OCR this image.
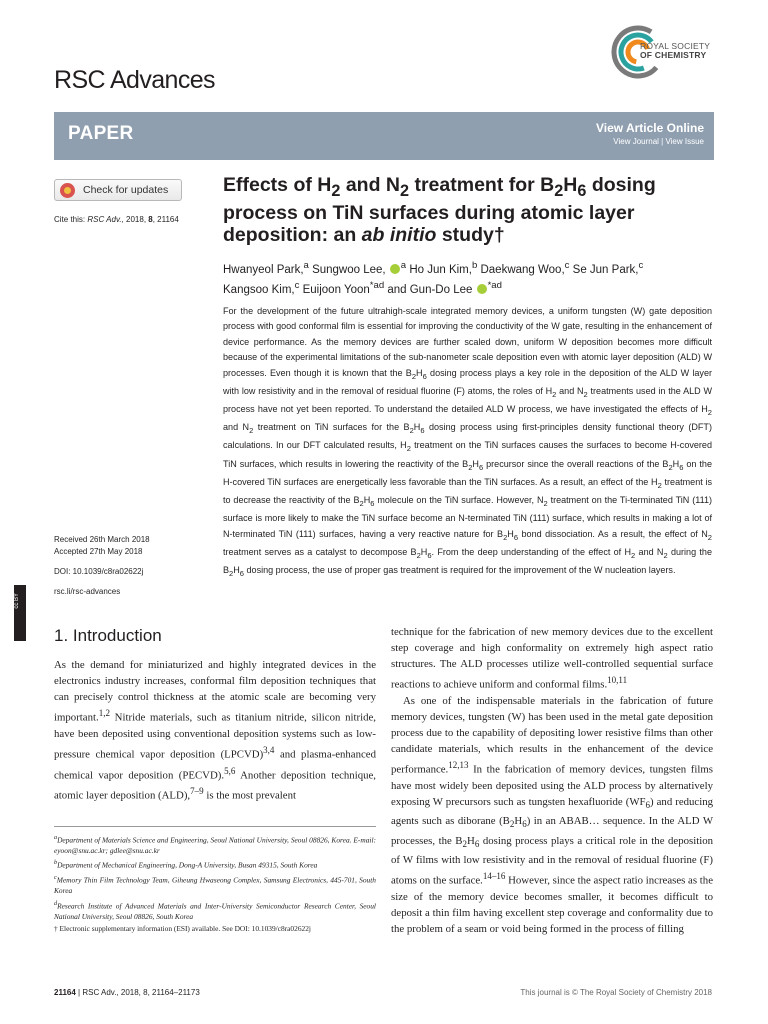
RSC Advances
ROYAL SOCIETY
OF CHEMISTRY
PAPER	View Article Online
View Journal | View Issue
Check for updates
Cite this: RSC Adv., 2018, 8, 21164
Received 26th March 2018
Accepted 27th May 2018
DOI: 10.1039/c8ra02622j
rsc.li/rsc-advances
cc BY
Effects of $H_2$ and $N_2$ treatment for $B_2H_6$ dosing
process on TiN surfaces during atomic layer
deposition: an ab initio study†
Hwanyeol Park,$^a$ Sungwoo Lee, $^a$ Ho Jun Kim,$^b$ Daekwang Woo,$^c$ Se Jun Park,$^c$
Kangsoo Kim,$^c$ Euijoon Yoon$^{*ad}$ and Gun-Do Lee $^{*ad}$
For the development of the future ultrahigh-scale integrated memory devices, a uniform tungsten (W) gate deposition process with good conformal film is essential for improving the conductivity of the W gate, resulting in the enhancement of device performance. As the memory devices are further scaled down, uniform W deposition becomes more difficult because of the experimental limitations of the sub-nanometer scale deposition even with atomic layer deposition (ALD) W processes. Even though it is known that the $B_2H_6$ dosing process plays a key role in the deposition of the ALD W layer with low resistivity and in the removal of residual fluorine (F) atoms, the roles of $H_2$ and $N_2$ treatments used in the ALD W process have not yet been reported. To understand the detailed ALD W process, we have investigated the effects of $H_2$ and $N_2$ treatment on TiN surfaces for the $B_2H_6$ dosing process using first-principles density functional theory (DFT) calculations. In our DFT calculated results, $H_2$ treatment on the TiN surfaces causes the surfaces to become H-covered TiN surfaces, which results in lowering the reactivity of the $B_2H_6$ precursor since the overall reactions of the $B_2H_6$ on the H-covered TiN surfaces are energetically less favorable than the TiN surfaces. As a result, an effect of the $H_2$ treatment is to decrease the reactivity of the $B_2H_6$ molecule on the TiN surface. However, $N_2$ treatment on the Ti-terminated TiN (111) surface is more likely to make the TiN surface become an N-terminated TiN (111) surface, which results in making a lot of N-terminated TiN (111) surfaces, having a very reactive nature for $B_2H_6$ bond dissociation. As a result, the effect of $N_2$ treatment serves as a catalyst to decompose $B_2H_6$. From the deep understanding of the effect of $H_2$ and $N_2$ during the $B_2H_6$ dosing process, the use of proper gas treatment is required for the improvement of the W nucleation layers.
1. Introduction
As the demand for miniaturized and highly integrated devices in the electronics industry increases, conformal film deposition techniques that can precisely control thickness at the atomic scale are becoming very important.$^{1,2}$ Nitride materials, such as titanium nitride, silicon nitride, have been deposited using conventional deposition systems such as low-pressure chemical vapor deposition (LPCVD)$^{3,4}$ and plasma-enhanced chemical vapor deposition (PECVD).$^{5,6}$ Another deposition technique, atomic layer deposition (ALD),$^{7-9}$ is the most prevalent
$^a$Department of Materials Science and Engineering, Seoul National University, Seoul 08826, Korea. E-mail: eyoon@snu.ac.kr; gdlee@snu.ac.kr
$^b$Department of Mechanical Engineering, Dong-A University, Busan 49315, South Korea
$^c$Memory Thin Film Technology Team, Giheung Hwaseong Complex, Samsung Electronics, 445-701, South Korea
$^d$Research Institute of Advanced Materials and Inter-University Semiconductor Research Center, Seoul National University, Seoul 08826, South Korea
† Electronic supplementary information (ESI) available. See DOI: 10.1039/c8ra02622j

technique for the fabrication of new memory devices due to the excellent step coverage and high conformality on extremely high aspect ratio structures. The ALD processes utilize well-controlled sequential surface reactions to achieve uniform and conformal films.$^{10,11}$

As one of the indispensable materials in the fabrication of future memory devices, tungsten (W) has been used in the metal gate deposition process due to the capability of depositing lower resistive films than other candidate materials, which results in the enhancement of the device performance.$^{12,13}$ In the fabrication of memory devices, tungsten films have most widely been deposited using the ALD process by alternatively exposing W precursors such as tungsten hexafluoride $(WF_6)$ and reducing agents such as diborane $(B_2H_6)$ in an ABAB… sequence. In the ALD W processes, the $B_2H_6$ dosing process plays a critical role in the deposition of W films with low resistivity and in the removal of residual fluorine (F) atoms on the surface.$^{14-16}$ However, since the aspect ratio increases as the size of the memory device becomes smaller, it becomes difficult to deposit a thin film having excellent step coverage and conformality due to the problem of a seam or void being formed in the process of filling

21164 | RSC Adv., 2018, 8, 21164–21173	This journal is © The Royal Society of Chemistry 2018
